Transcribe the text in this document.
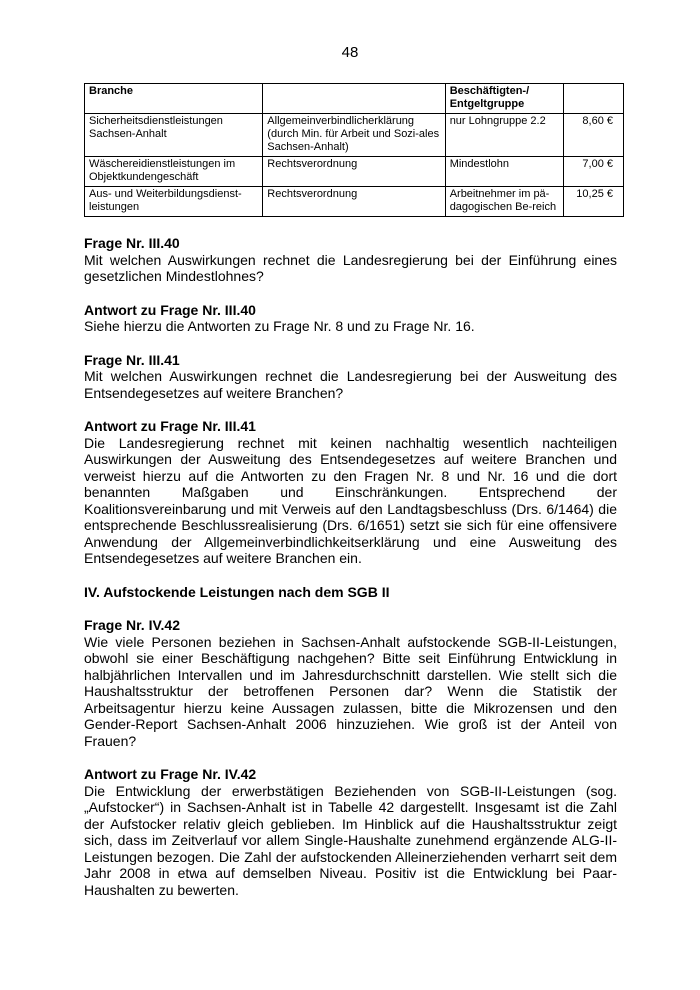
48
Branche		Beschäftigten-/ Entgeltgruppe	
Sicherheitsdienstleistungen Sachsen-Anhalt	Allgemeinverbindlicherklärung (durch Min. für Arbeit und Sozi-ales Sachsen-Anhalt)	nur Lohngruppe 2.2	8,60 €
Wäschereidienstleistungen im Objektkundengeschäft	Rechtsverordnung	Mindestlohn	7,00 €
Aus- und Weiterbildungsdienst-leistungen	Rechtsverordnung	Arbeitnehmer im pä-dagogischen Be-reich	10,25 €

Frage Nr. III.40

Mit welchen Auswirkungen rechnet die Landesregierung bei der Einführung eines gesetzlichen Mindestlohnes?

Antwort zu Frage Nr. III.40

Siehe hierzu die Antworten zu Frage Nr. 8 und zu Frage Nr. 16.

Frage Nr. III.41

Mit welchen Auswirkungen rechnet die Landesregierung bei der Ausweitung des Entsendegesetzes auf weitere Branchen?

Antwort zu Frage Nr. III.41

Die Landesregierung rechnet mit keinen nachhaltig wesentlich nachteiligen Auswirkungen der Ausweitung des Entsendegesetzes auf weitere Branchen und verweist hierzu auf die Antworten zu den Fragen Nr. 8 und Nr. 16 und die dort benannten Maßgaben und Einschränkungen. Entsprechend der Koalitionsvereinbarung und mit Verweis auf den Landtagsbeschluss (Drs. 6/1464) die entsprechende Beschlussrealisierung (Drs. 6/1651) setzt sie sich für eine offensivere Anwendung der Allgemeinverbindlichkeitserklärung und eine Ausweitung des Entsendegesetzes auf weitere Branchen ein.

IV. Aufstockende Leistungen nach dem SGB II

Frage Nr. IV.42

Wie viele Personen beziehen in Sachsen-Anhalt aufstockende SGB-II-Leistungen, obwohl sie einer Beschäftigung nachgehen? Bitte seit Einführung Entwicklung in halbjährlichen Intervallen und im Jahresdurchschnitt darstellen. Wie stellt sich die Haushaltsstruktur der betroffenen Personen dar? Wenn die Statistik der Arbeitsagentur hierzu keine Aussagen zulassen, bitte die Mikrozensen und den Gender-Report Sachsen-Anhalt 2006 hinzuziehen. Wie groß ist der Anteil von Frauen?

Antwort zu Frage Nr. IV.42

Die Entwicklung der erwerbstätigen Beziehenden von SGB-II-Leistungen (sog. „Aufstocker“) in Sachsen-Anhalt ist in Tabelle 42 dargestellt. Insgesamt ist die Zahl der Aufstocker relativ gleich geblieben. Im Hinblick auf die Haushaltsstruktur zeigt sich, dass im Zeitverlauf vor allem Single-Haushalte zunehmend ergänzende ALG-II-Leistungen bezogen. Die Zahl der aufstockenden Alleinerziehenden verharrt seit dem Jahr 2008 in etwa auf demselben Niveau. Positiv ist die Entwicklung bei Paar-Haushalten zu bewerten.
